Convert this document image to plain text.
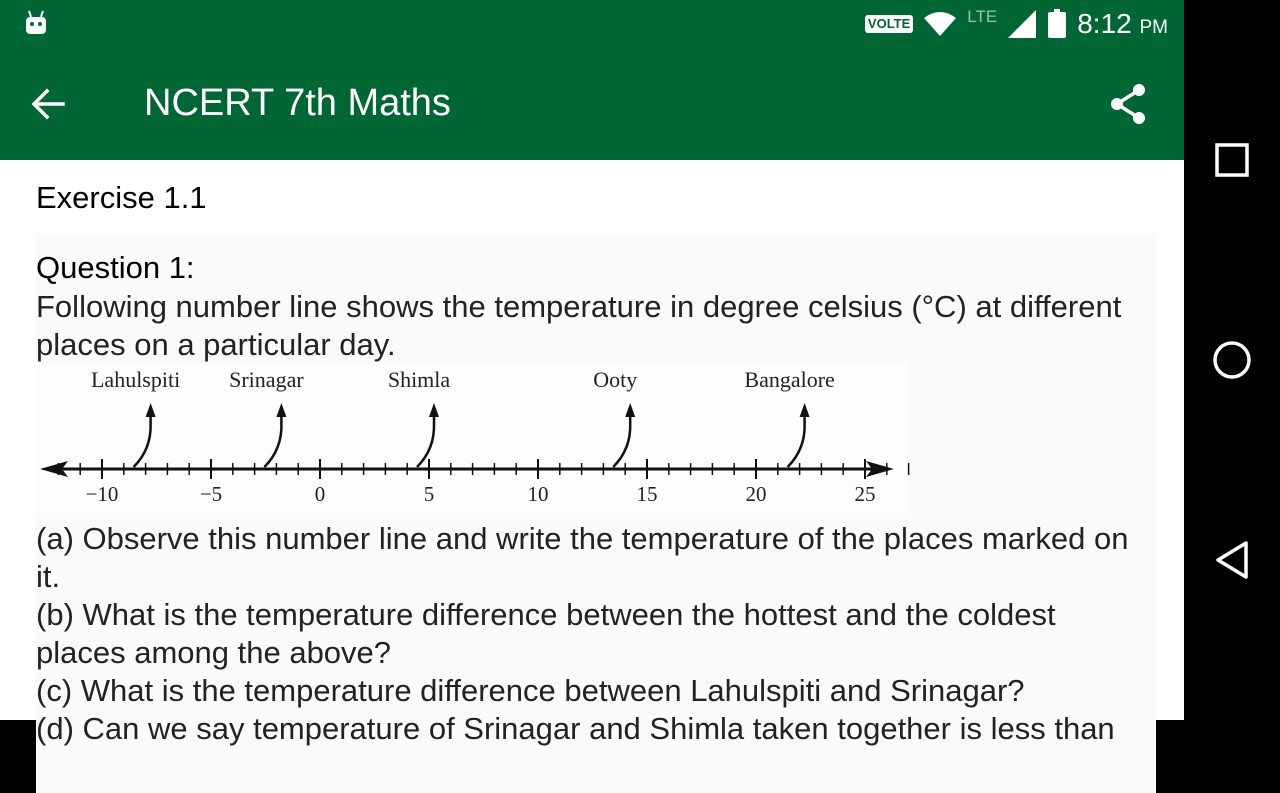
VOLTE	LTE	8:12 PM
NCERT 7th Maths
Exercise 1.1
Question 1:
Following number line shows the temperature in degree celsius (°C) at different places on a particular day.
−10	−5	0	5	10	15	20	25
Lahulspiti Srinagar	Shimla	Ooty	Bangalore
(a) Observe this number line and write the temperature of the places marked on it.
(b) What is the temperature difference between the hottest and the coldest places among the above?
(c) What is the temperature difference between Lahulspiti and Srinagar?
(d) Can we say temperature of Srinagar and Shimla taken together is less than
